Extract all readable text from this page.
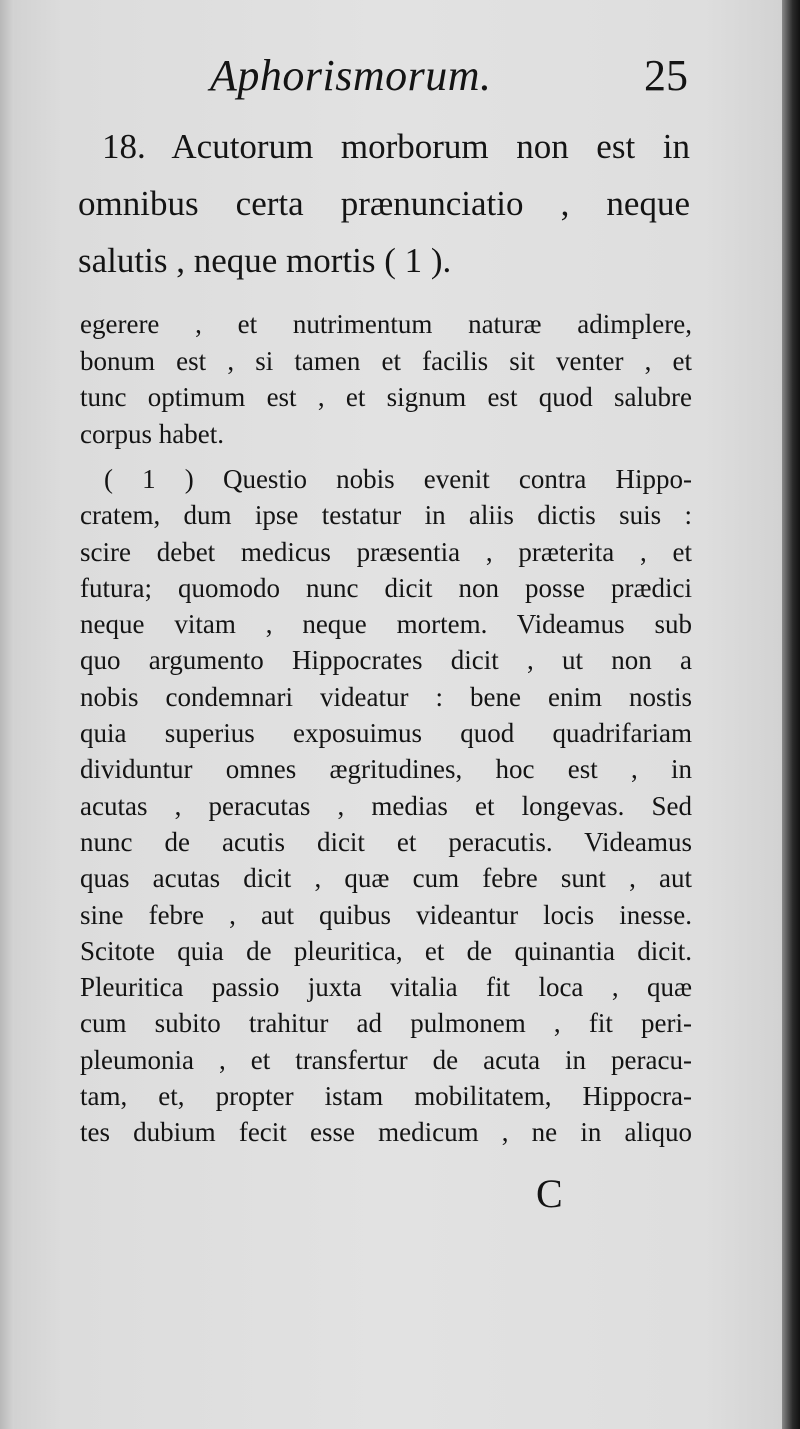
Aphorismorum.	25
18. Acutorum morborum non est in
omnibus certa prænunciatio , neque
salutis , neque mortis ( 1 ).
egerere , et nutrimentum naturæ adimplere,
bonum est , si tamen et facilis sit venter , et
tunc optimum est , et signum est quod salubre
corpus habet.
( 1 ) Questio nobis evenit contra Hippo-
cratem, dum ipse testatur in aliis dictis suis :
scire debet medicus præsentia , præterita , et
futura; quomodo nunc dicit non posse prædici
neque vitam , neque mortem. Videamus sub
quo argumento Hippocrates dicit , ut non a
nobis condemnari videatur : bene enim nostis
quia superius exposuimus quod quadrifariam
dividuntur omnes ægritudines, hoc est , in
acutas , peracutas , medias et longevas. Sed
nunc de acutis dicit et peracutis. Videamus
quas acutas dicit , quæ cum febre sunt , aut
sine febre , aut quibus videantur locis inesse.
Scitote quia de pleuritica, et de quinantia dicit.
Pleuritica passio juxta vitalia fit loca , quæ
cum subito trahitur ad pulmonem , fit peri-
pleumonia , et transfertur de acuta in peracu-
tam, et, propter istam mobilitatem, Hippocra-
tes dubium fecit esse medicum , ne in aliquo
C
